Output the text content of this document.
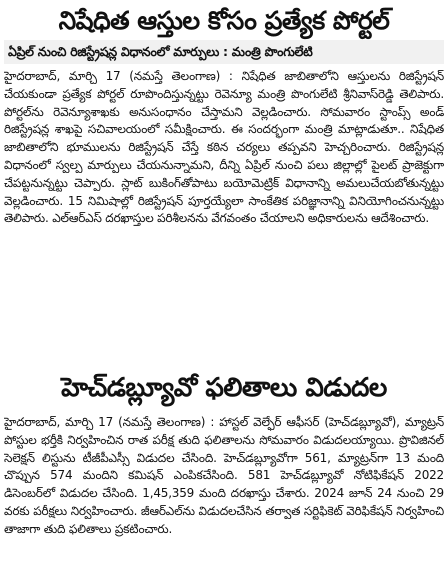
నిషేధిత ఆస్తుల కోసం ప్రత్యేక పోర్టల్
ఏప్రిల్ నుంచి రిజిస్ట్రేషన్ల విధానంలో మార్పులు : మంత్రి పొంగులేటి

హైదరాబాద్, మార్చి 17 (నమస్తే తెలంగాణ) : నిషేధిత జాబితాలోని ఆస్తులను రిజిస్ట్రేషన్ చేయకుండా ప్రత్యేక పోర్టల్ రూపొందిస్తున్నట్టు రెవెన్యూ మంత్రి పొంగులేటి శ్రీనివాస్‌రెడ్డి తెలిపారు. పోర్టల్‌ను రెవెన్యూశాఖకు అనుసంధానం చేస్తామని వెల్లడించారు. సోమవారం స్టాంప్స్ అండ్ రిజిస్ట్రేషన్ల శాఖపై సచివాలయంలో సమీక్షించారు. ఈ సందర్భంగా మంత్రి మాట్లాడుతూ.. నిషేధిత జాబితాలోని భూములను రిజిస్ట్రేషన్ చేస్తే కఠిన చర్యలు తప్పవని హెచ్చరించారు. రిజిస్ట్రేషన్ల విధానంలో స్వల్ప మార్పులు చేయనున్నామని, దీన్ని ఏప్రిల్ నుంచి పలు జిల్లాల్లో పైలట్ ప్రాజెక్టుగా చేపట్టనున్నట్టు చెప్పారు. స్లాట్ బుకింగ్‌తోపాటు బయోమెట్రిక్ విధానాన్ని అమలుచేయబోతున్నట్టు వెల్లడించారు. 15 నిమిషాల్లో రిజిస్ట్రేషన్ పూర్తయ్యేలా సాంకేతిక పరిజ్ఞానాన్ని వినియోగించనున్నట్టు తెలిపారు. ఎల్‌ఆర్‌ఎస్ దరఖాస్తుల పరిశీలనను వేగవంతం చేయాలని అధికారులను ఆదేశించారు.

హెచ్‌డబ్ల్యూవో ఫలితాలు విడుదల

హైదరాబాద్, మార్చి 17 (నమస్తే తెలంగాణ) : హాస్టల్ వెల్ఫేర్ ఆఫీసర్ (హెచ్‌డబ్ల్యూవో), మ్యాట్రన్ పోస్టుల భర్తీకి నిర్వహించిన రాత పరీక్ష తుది ఫలితాలను సోమవారం విడుదలయ్యాయి. ప్రొవిజినల్ సెలెక్షన్ లిస్టును టీజీపీఎస్సీ విడుదల చేసింది. హెచ్‌డబ్ల్యూవోగా 561, మ్యాట్రన్‌గా 13 మంది చొప్పున 574 మందిని కమిషన్ ఎంపికచేసింది. 581 హెచ్‌డబ్ల్యూవో నోటిఫికేషన్ 2022 డిసెంబర్‌లో విడుదల చేసింది. 1,45,359 మంది దరఖాస్తు చేశారు. 2024 జూన్ 24 నుంచి 29 వరకు పరీక్షలు నిర్వహించారు. జీఆర్‌ఎల్‌ను విడుదలచేసిన తర్వాత సర్టిఫికెట్ వెరిఫికేషన్ నిర్వహించి తాజాగా తుది ఫలితాలు ప్రకటించారు.
